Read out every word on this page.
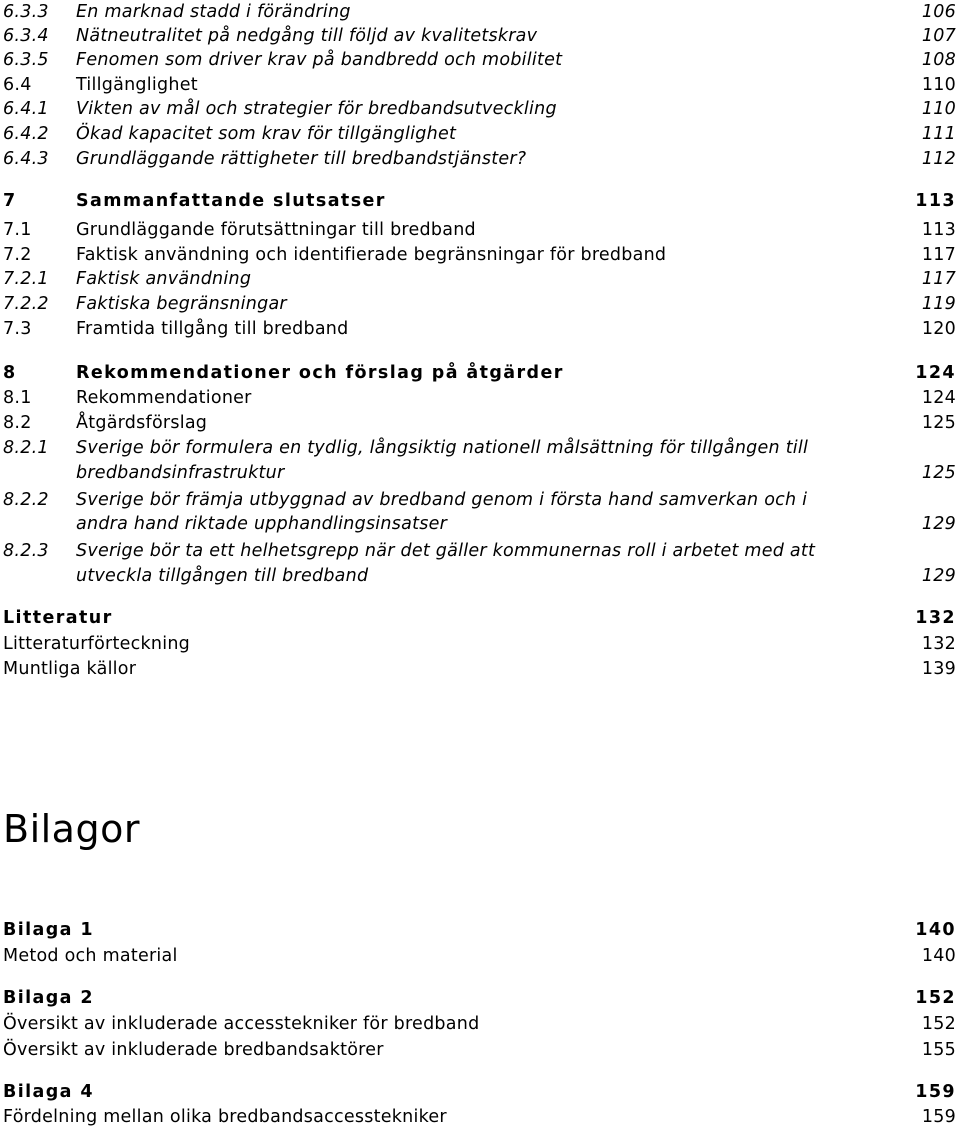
6.3.3 En marknad stadd i förändring	106
6.3.4 Nätneutralitet på nedgång till följd av kvalitetskrav	107
6.3.5 Fenomen som driver krav på bandbredd och mobilitet	108
6.4	Tillgänglighet	110
6.4.1 Vikten av mål och strategier för bredbandsutveckling	110
6.4.2 Ökad kapacitet som krav för tillgänglighet	111
6.4.3 Grundläggande rättigheter till bredbandstjänster?	112
7	Sammanfattande slutsatser	113
7.1	Grundläggande förutsättningar till bredband	113
7.2	Faktisk användning och identifierade begränsningar för bredband	117
7.2.1 Faktisk användning	117
7.2.2 Faktiska begränsningar	119
7.3	Framtida tillgång till bredband	120
8	Rekommendationer och förslag på åtgärder	124
8.1	Rekommendationer	124
8.2	Åtgärdsförslag	125
8.2.1 Sverige bör formulera en tydlig, långsiktig nationell målsättning för tillgången till
bredbandsinfrastruktur	125
8.2.2 Sverige bör främja utbyggnad av bredband genom i första hand samverkan och i
andra hand riktade upphandlingsinsatser	129
8.2.3 Sverige bör ta ett helhetsgrepp när det gäller kommunernas roll i arbetet med att
utveckla tillgången till bredband	129
Litteratur	132
Litteraturförteckning	132
Muntliga källor	139
Bilagor
Bilaga 1	140
Metod och material	140
Bilaga 2	152
Översikt av inkluderade accesstekniker för bredband	152
Översikt av inkluderade bredbandsaktörer	155
Bilaga 4	159
Fördelning mellan olika bredbandsaccesstekniker	159
